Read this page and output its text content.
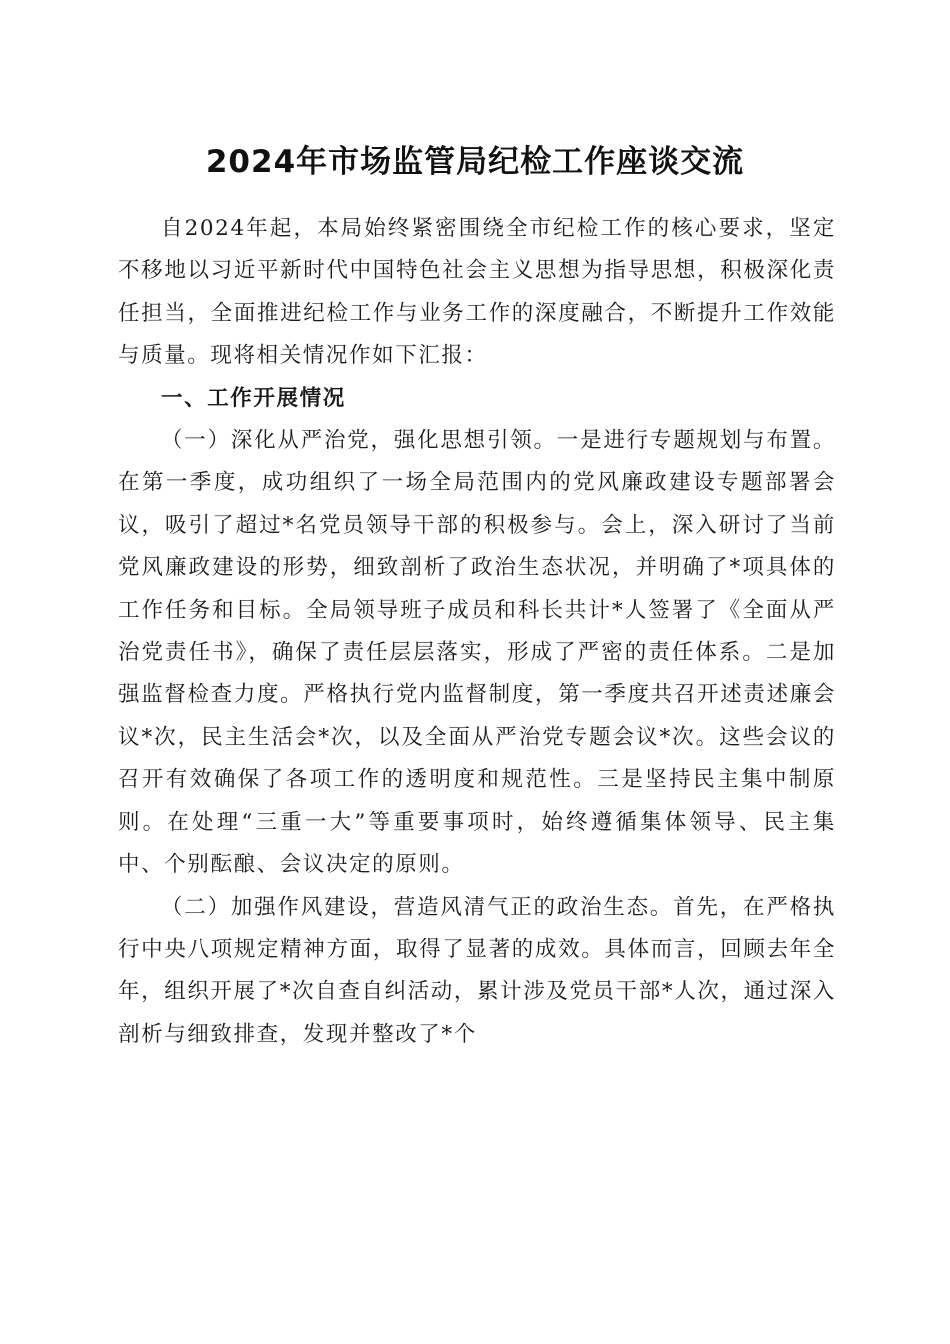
2024年市场监管局纪检工作座谈交流

自2024年起，本局始终紧密围绕全市纪检工作的核心要求，坚定不移地以习近平新时代中国特色社会主义思想为指导思想，积极深化责任担当，全面推进纪检工作与业务工作的深度融合，不断提升工作效能与质量。现将相关情况作如下汇报：

一、工作开展情况

（一）深化从严治党，强化思想引领。一是进行专题规划与布置。在第一季度，成功组织了一场全局范围内的党风廉政建设专题部署会议，吸引了超过*名党员领导干部的积极参与。会上，深入研讨了当前党风廉政建设的形势，细致剖析了政治生态状况，并明确了*项具体的工作任务和目标。全局领导班子成员和科长共计*人签署了《全面从严治党责任书》，确保了责任层层落实，形成了严密的责任体系。二是加强监督检查力度。严格执行党内监督制度，第一季度共召开述责述廉会议*次，民主生活会*次，以及全面从严治党专题会议*次。这些会议的召开有效确保了各项工作的透明度和规范性。三是坚持民主集中制原则。在处理“三重一大”等重要事项时，始终遵循集体领导、民主集中、个别酝酿、会议决定的原则。

（二）加强作风建设，营造风清气正的政治生态。首先，在严格执行中央八项规定精神方面，取得了显著的成效。具体而言，回顾去年全年，组织开展了*次自查自纠活动，累计涉及党员干部*人次，通过深入剖析与细致排查，发现并整改了*个
